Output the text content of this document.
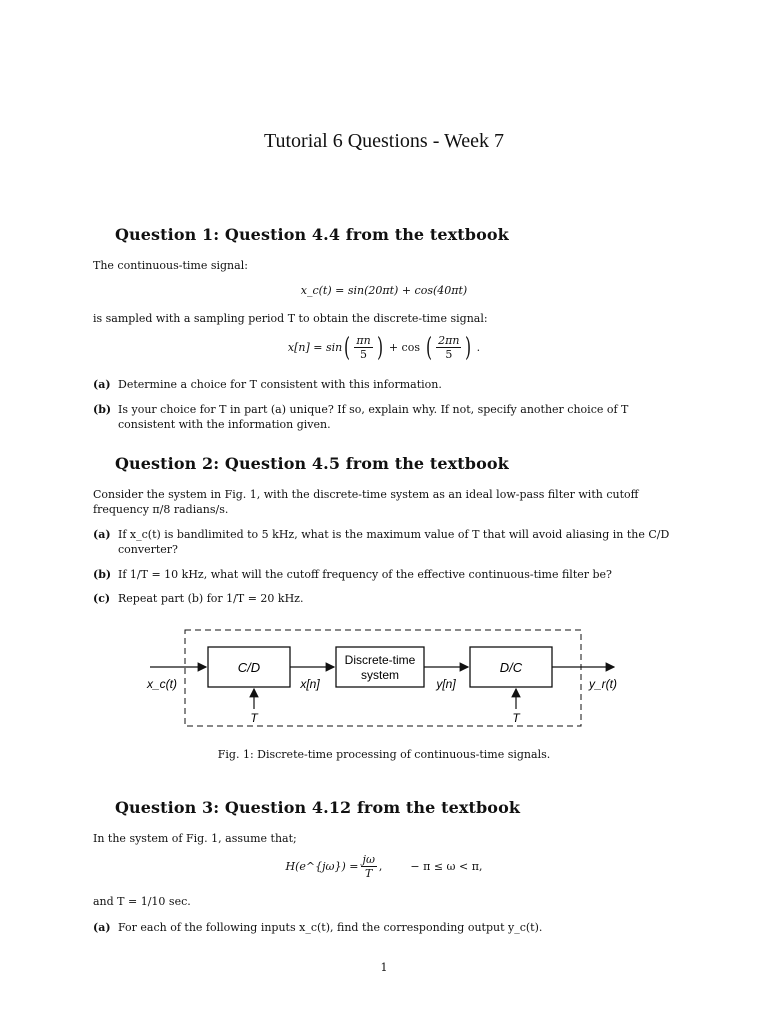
Tutorial 6 Questions - Week 7
Question 1: Question 4.4 from the textbook

The continuous-time signal:

x_c(t) = sin(20πt) + cos(40πt)

is sampled with a sampling period T to obtain the discrete-time signal:

x[n] = sin ( $\frac{\pi n}{5}$ ) + cos ( $\frac{2\pi n}{5}$ ) .
(a) Determine a choice for T consistent with this information.
(b) Is your choice for T in part (a) unique? If so, explain why. If not, specify another choice of T consistent with the information given.
Question 2: Question 4.5 from the textbook

Consider the system in Fig. 1, with the discrete-time system as an ideal low-pass filter with cutoff frequency π/8 radians/s.

(a) If x_c(t) is bandlimited to 5 kHz, what is the maximum value of T that will avoid aliasing in the C/D converter?
(b) If 1/T = 10 kHz, what will the cutoff frequency of the effective continuous-time filter be?
(c) Repeat part (b) for 1/T = 20 kHz.
C/D	Discrete-time
system	D/C
x_c(t)	x[n]	y[n]	y_r(t)
T	T

Fig. 1: Discrete-time processing of continuous-time signals.

Question 3: Question 4.12 from the textbook

In the system of Fig. 1, assume that;

H(e^{jω}) = $\frac{j\omega}{T}$ ,        − π ≤ ω < π,

and T = 1/10 sec.

(a) For each of the following inputs x_c(t), find the corresponding output y_c(t).

1
